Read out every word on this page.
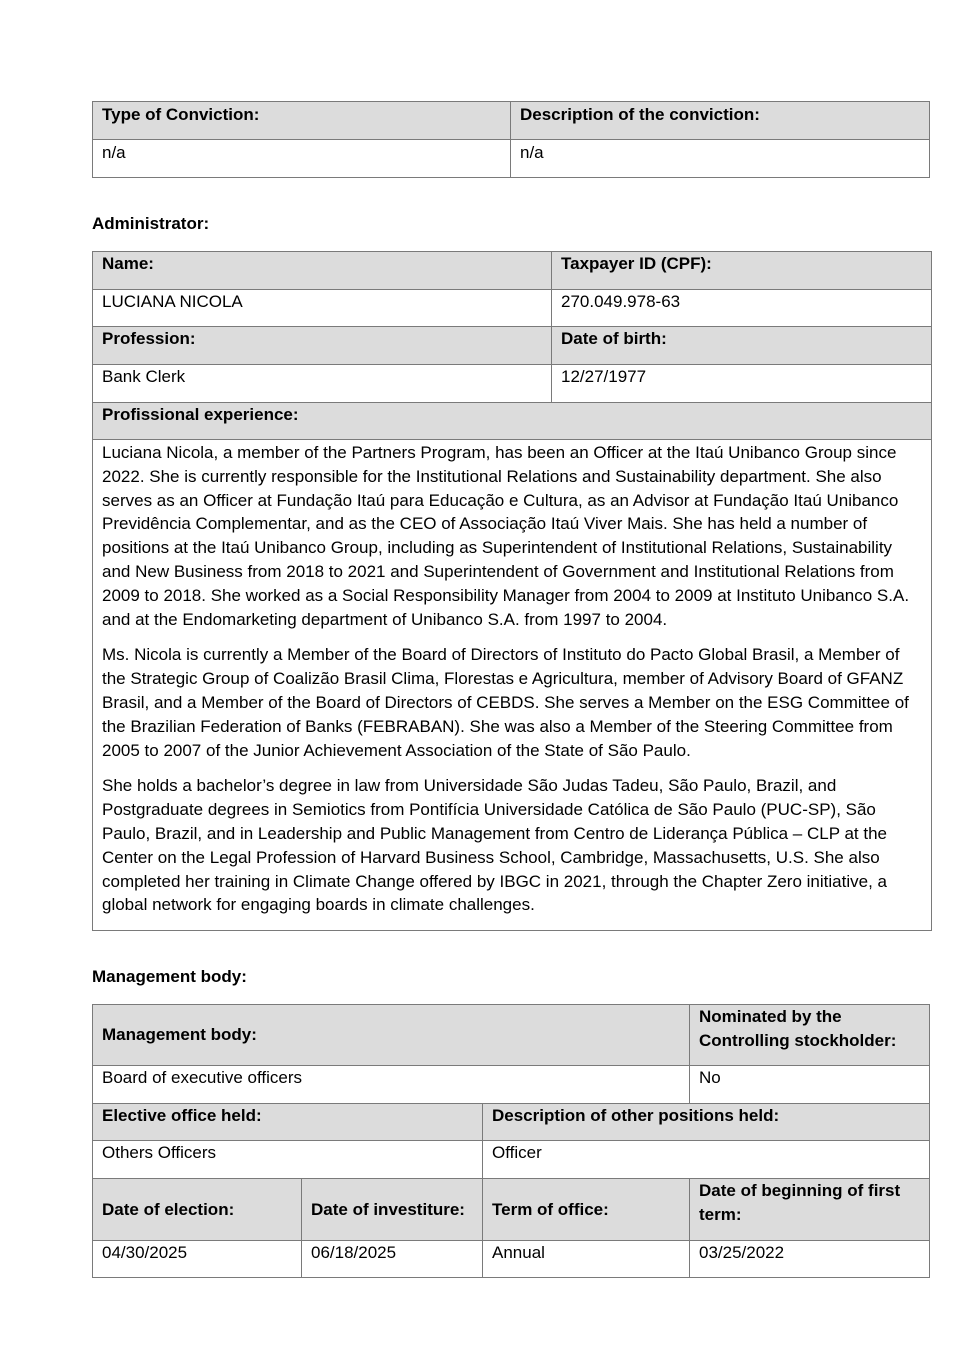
Type of Conviction:	Description of the conviction:
n/a	n/a

Administrator:

Name:	Taxpayer ID (CPF):
LUCIANA NICOLA	270.049.978-63
Profession:	Date of birth:
Bank Clerk	12/27/1977
Profissional experience:	

Luciana Nicola, a member of the Partners Program, has been an Officer at the Itaú Unibanco Group since 2022. She is currently responsible for the Institutional Relations and Sustainability department. She also serves as an Officer at Fundação Itaú para Educação e Cultura, as an Advisor at Fundação Itaú Unibanco Previdência Complementar, and as the CEO of Associação Itaú Viver Mais. She has held a number of positions at the Itaú Unibanco Group, including as Superintendent of Institutional Relations, Sustainability and New Business from 2018 to 2021 and Superintendent of Government and Institutional Relations from 2009 to 2018. She worked as a Social Responsibility Manager from 2004 to 2009 at Instituto Unibanco S.A. and at the Endomarketing department of Unibanco S.A. from 1997 to 2004.

Ms. Nicola is currently a Member of the Board of Directors of Instituto do Pacto Global Brasil, a Member of the Strategic Group of Coalizão Brasil Clima, Florestas e Agricultura, member of Advisory Board of GFANZ Brasil, and a Member of the Board of Directors of CEBDS. She serves a Member on the ESG Committee of the Brazilian Federation of Banks (FEBRABAN). She was also a Member of the Steering Committee from 2005 to 2007 of the Junior Achievement Association of the State of São Paulo.

She holds a bachelor’s degree in law from Universidade São Judas Tadeu, São Paulo, Brazil, and Postgraduate degrees in Semiotics from Pontifícia Universidade Católica de São Paulo (PUC-SP), São Paulo, Brazil, and in Leadership and Public Management from Centro de Liderança Pública – CLP at the Center on the Legal Profession of Harvard Business School, Cambridge, Massachusetts, U.S. She also completed her training in Climate Change offered by IBGC in 2021, through the Chapter Zero initiative, a global network for engaging boards in climate challenges.	

Management body:

Management body:			Nominated by the Controlling stockholder:
Board of executive officers			No
Elective office held:		Description of other positions held:	
Others Officers		Officer	
Date of election:	Date of investiture:	Term of office:	Date of beginning of first term:
04/30/2025	06/18/2025	Annual	03/25/2022
